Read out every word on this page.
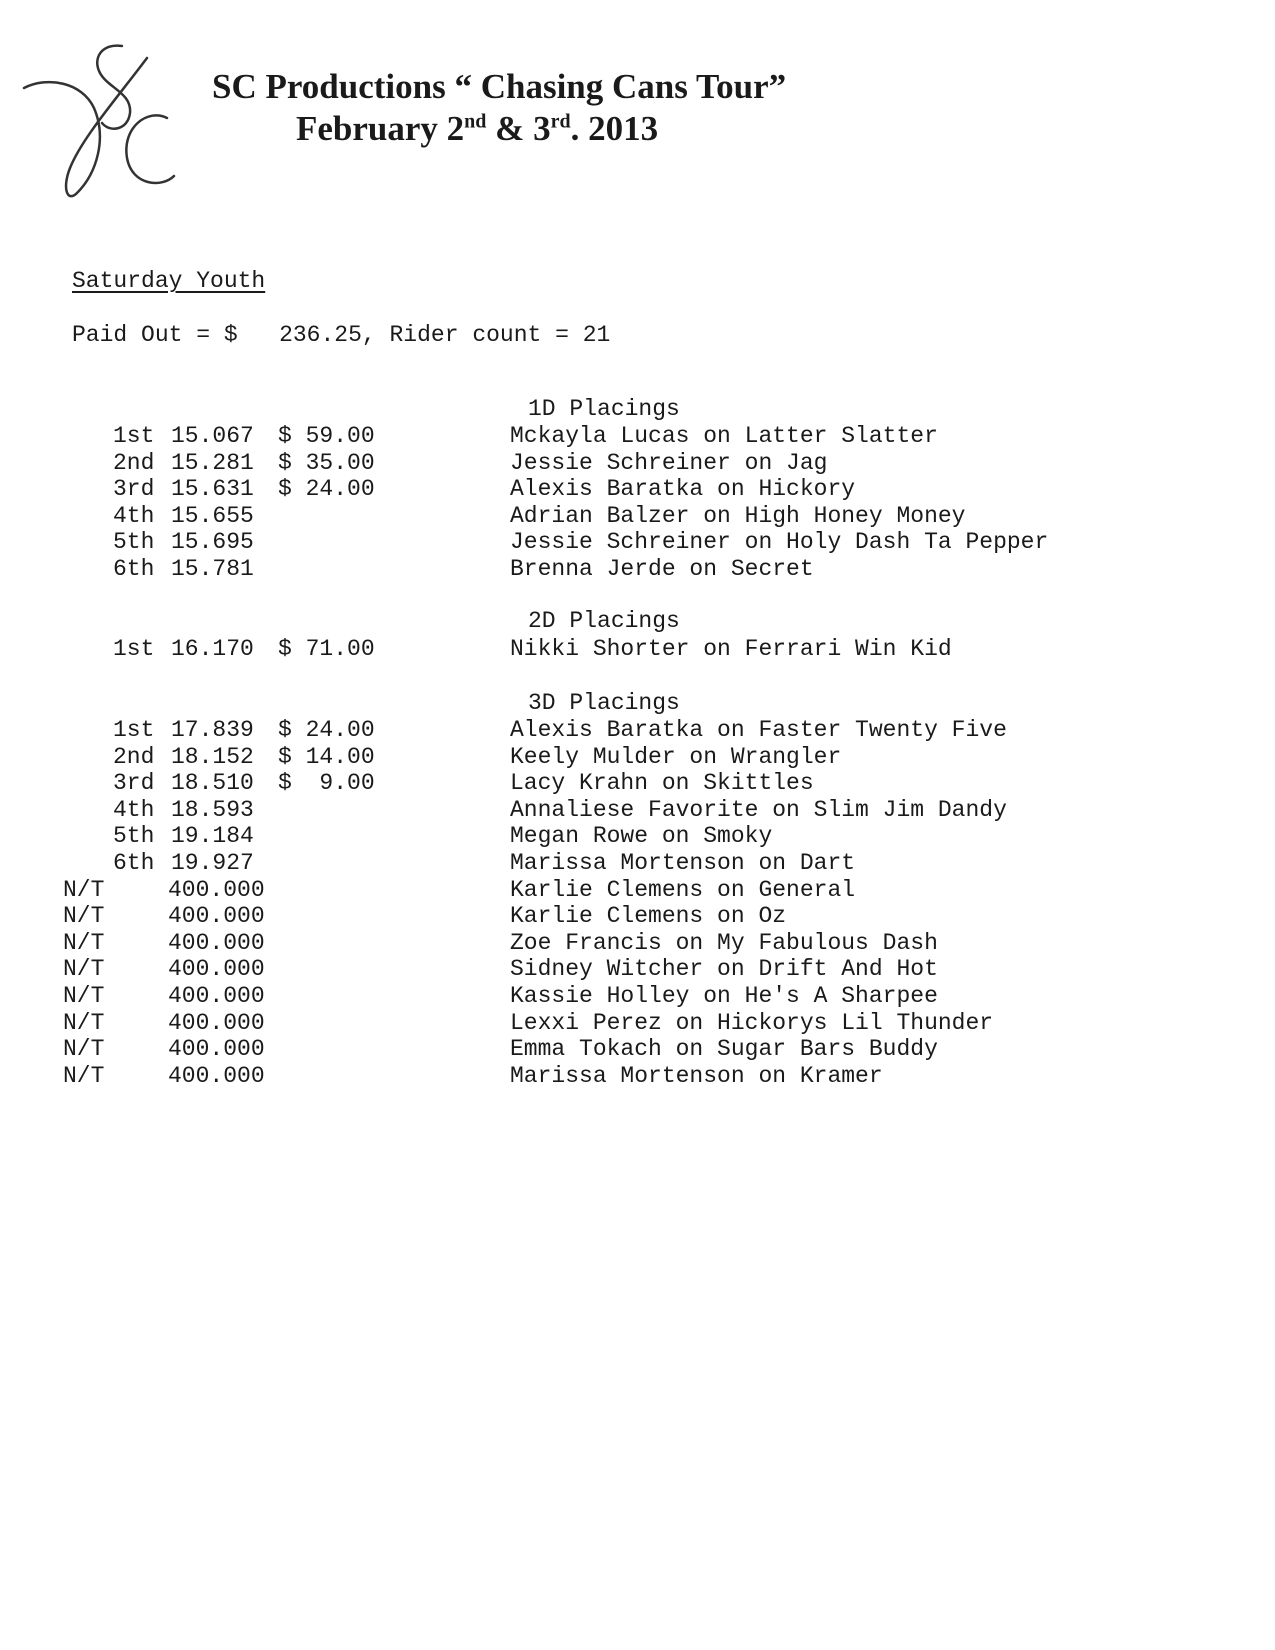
SC Productions “ Chasing Cans Tour”
February 2nd & 3rd. 2013
Saturday Youth
Paid Out = $ 236.25, Rider count = 21
1D Placings
1st 15.067 $ 59.00	Mckayla Lucas on Latter Slatter
2nd 15.281 $ 35.00	Jessie Schreiner on Jag
3rd 15.631 $ 24.00	Alexis Baratka on Hickory
4th 15.655	Adrian Balzer on High Honey Money
5th 15.695	Jessie Schreiner on Holy Dash Ta Pepper
6th 15.781	Brenna Jerde on Secret
2D Placings
1st 16.170 $ 71.00	Nikki Shorter on Ferrari Win Kid
3D Placings
1st 17.839 $ 24.00	Alexis Baratka on Faster Twenty Five
2nd 18.152 $ 14.00	Keely Mulder on Wrangler
3rd 18.510 $  9.00	Lacy Krahn on Skittles
4th 18.593	Annaliese Favorite on Slim Jim Dandy
5th 19.184	Megan Rowe on Smoky
6th 19.927	Marissa Mortenson on Dart
N/T	400.000	Karlie Clemens on General
N/T	400.000	Karlie Clemens on Oz
N/T	400.000	Zoe Francis on My Fabulous Dash
N/T	400.000	Sidney Witcher on Drift And Hot
N/T	400.000	Kassie Holley on He's A Sharpee
N/T	400.000	Lexxi Perez on Hickorys Lil Thunder
N/T	400.000	Emma Tokach on Sugar Bars Buddy
N/T	400.000	Marissa Mortenson on Kramer
